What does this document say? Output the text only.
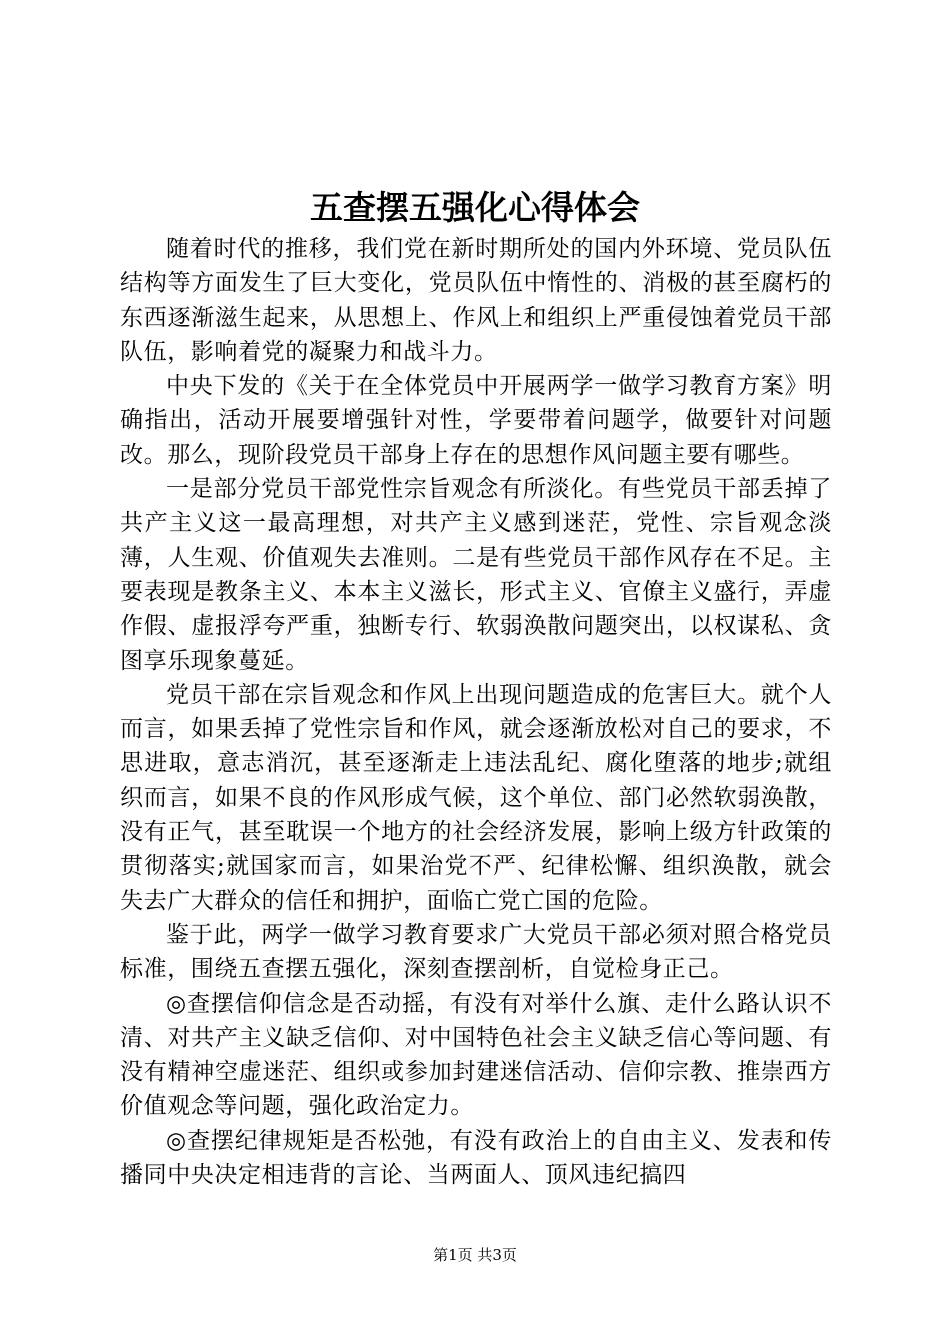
五查摆五强化心得体会

随着时代的推移，我们党在新时期所处的国内外环境、党员队伍结构等方面发生了巨大变化，党员队伍中惰性的、消极的甚至腐朽的东西逐渐滋生起来，从思想上、作风上和组织上严重侵蚀着党员干部队伍，影响着党的凝聚力和战斗力。

中央下发的《关于在全体党员中开展两学一做学习教育方案》明确指出，活动开展要增强针对性，学要带着问题学，做要针对问题改。那么，现阶段党员干部身上存在的思想作风问题主要有哪些。

一是部分党员干部党性宗旨观念有所淡化。有些党员干部丢掉了共产主义这一最高理想，对共产主义感到迷茫，党性、宗旨观念淡薄，人生观、价值观失去准则。二是有些党员干部作风存在不足。主要表现是教条主义、本本主义滋长，形式主义、官僚主义盛行，弄虚作假、虚报浮夸严重，独断专行、软弱涣散问题突出，以权谋私、贪图享乐现象蔓延。

党员干部在宗旨观念和作风上出现问题造成的危害巨大。就个人而言，如果丢掉了党性宗旨和作风，就会逐渐放松对自己的要求，不思进取，意志消沉，甚至逐渐走上违法乱纪、腐化堕落的地步;就组织而言，如果不良的作风形成气候，这个单位、部门必然软弱涣散，没有正气，甚至耽误一个地方的社会经济发展，影响上级方针政策的贯彻落实;就国家而言，如果治党不严、纪律松懈、组织涣散，就会失去广大群众的信任和拥护，面临亡党亡国的危险。

鉴于此，两学一做学习教育要求广大党员干部必须对照合格党员标准，围绕五查摆五强化，深刻查摆剖析，自觉检身正己。

◎查摆信仰信念是否动摇，有没有对举什么旗、走什么路认识不清、对共产主义缺乏信仰、对中国特色社会主义缺乏信心等问题、有没有精神空虚迷茫、组织或参加封建迷信活动、信仰宗教、推崇西方价值观念等问题，强化政治定力。

◎查摆纪律规矩是否松弛，有没有政治上的自由主义、发表和传播同中央决定相违背的言论、当两面人、顶风违纪搞四

第1页 共3页
